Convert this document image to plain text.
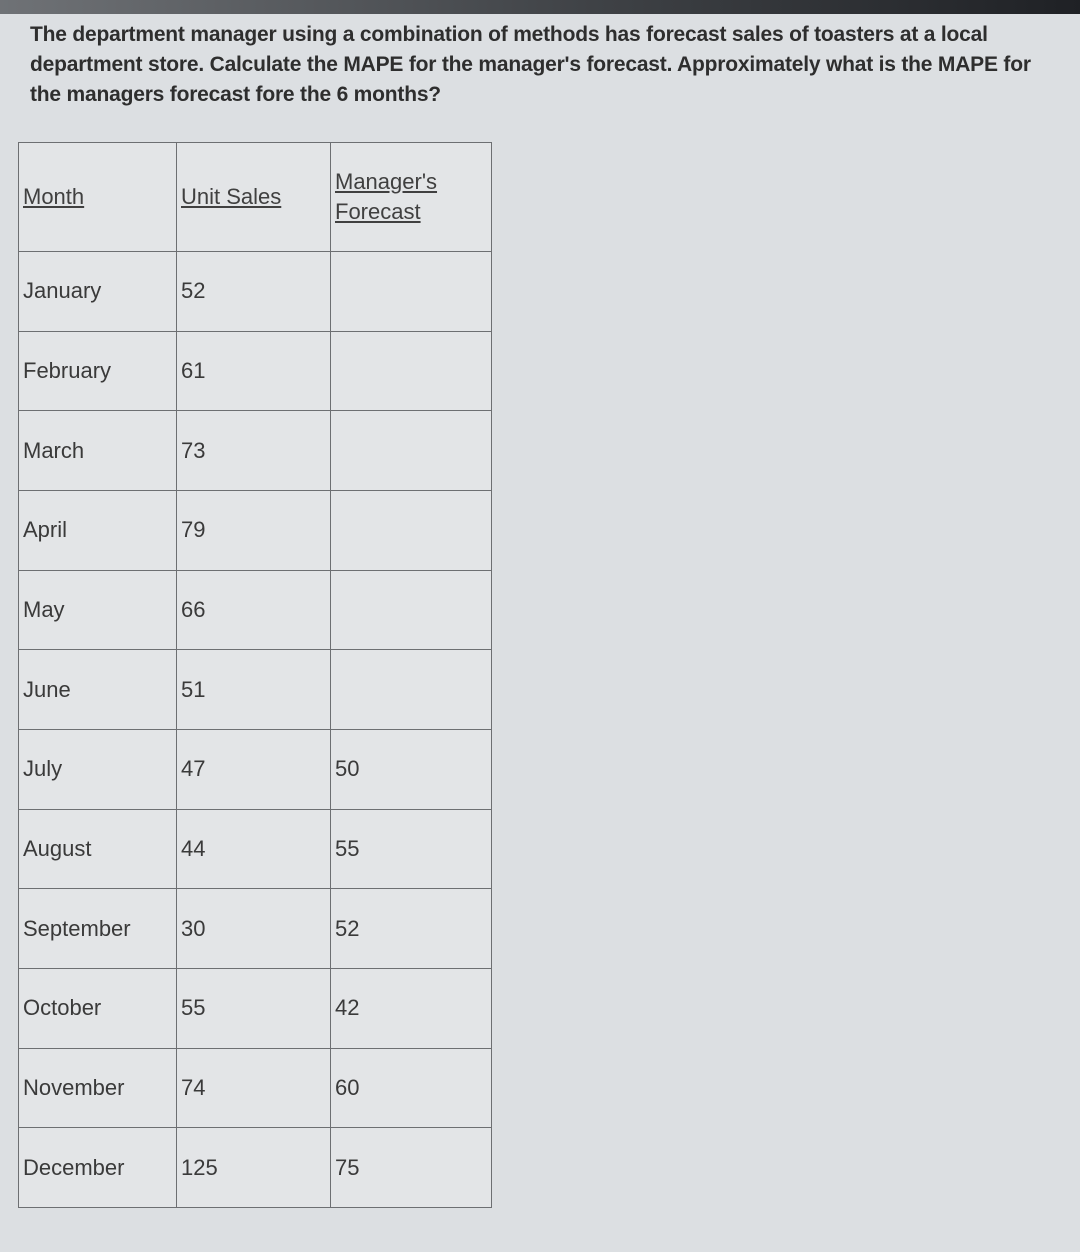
The department manager using a combination of methods has forecast sales of toasters at a local department store. Calculate the MAPE for the manager's forecast. Approximately what is the MAPE for the managers forecast fore the 6 months?

Month	Unit Sales	Manager's Forecast
January	52	
February	61	
March	73	
April	79	
May	66	
June	51	
July	47	50
August	44	55
September	30	52
October	55	42
November	74	60
December	125	75
